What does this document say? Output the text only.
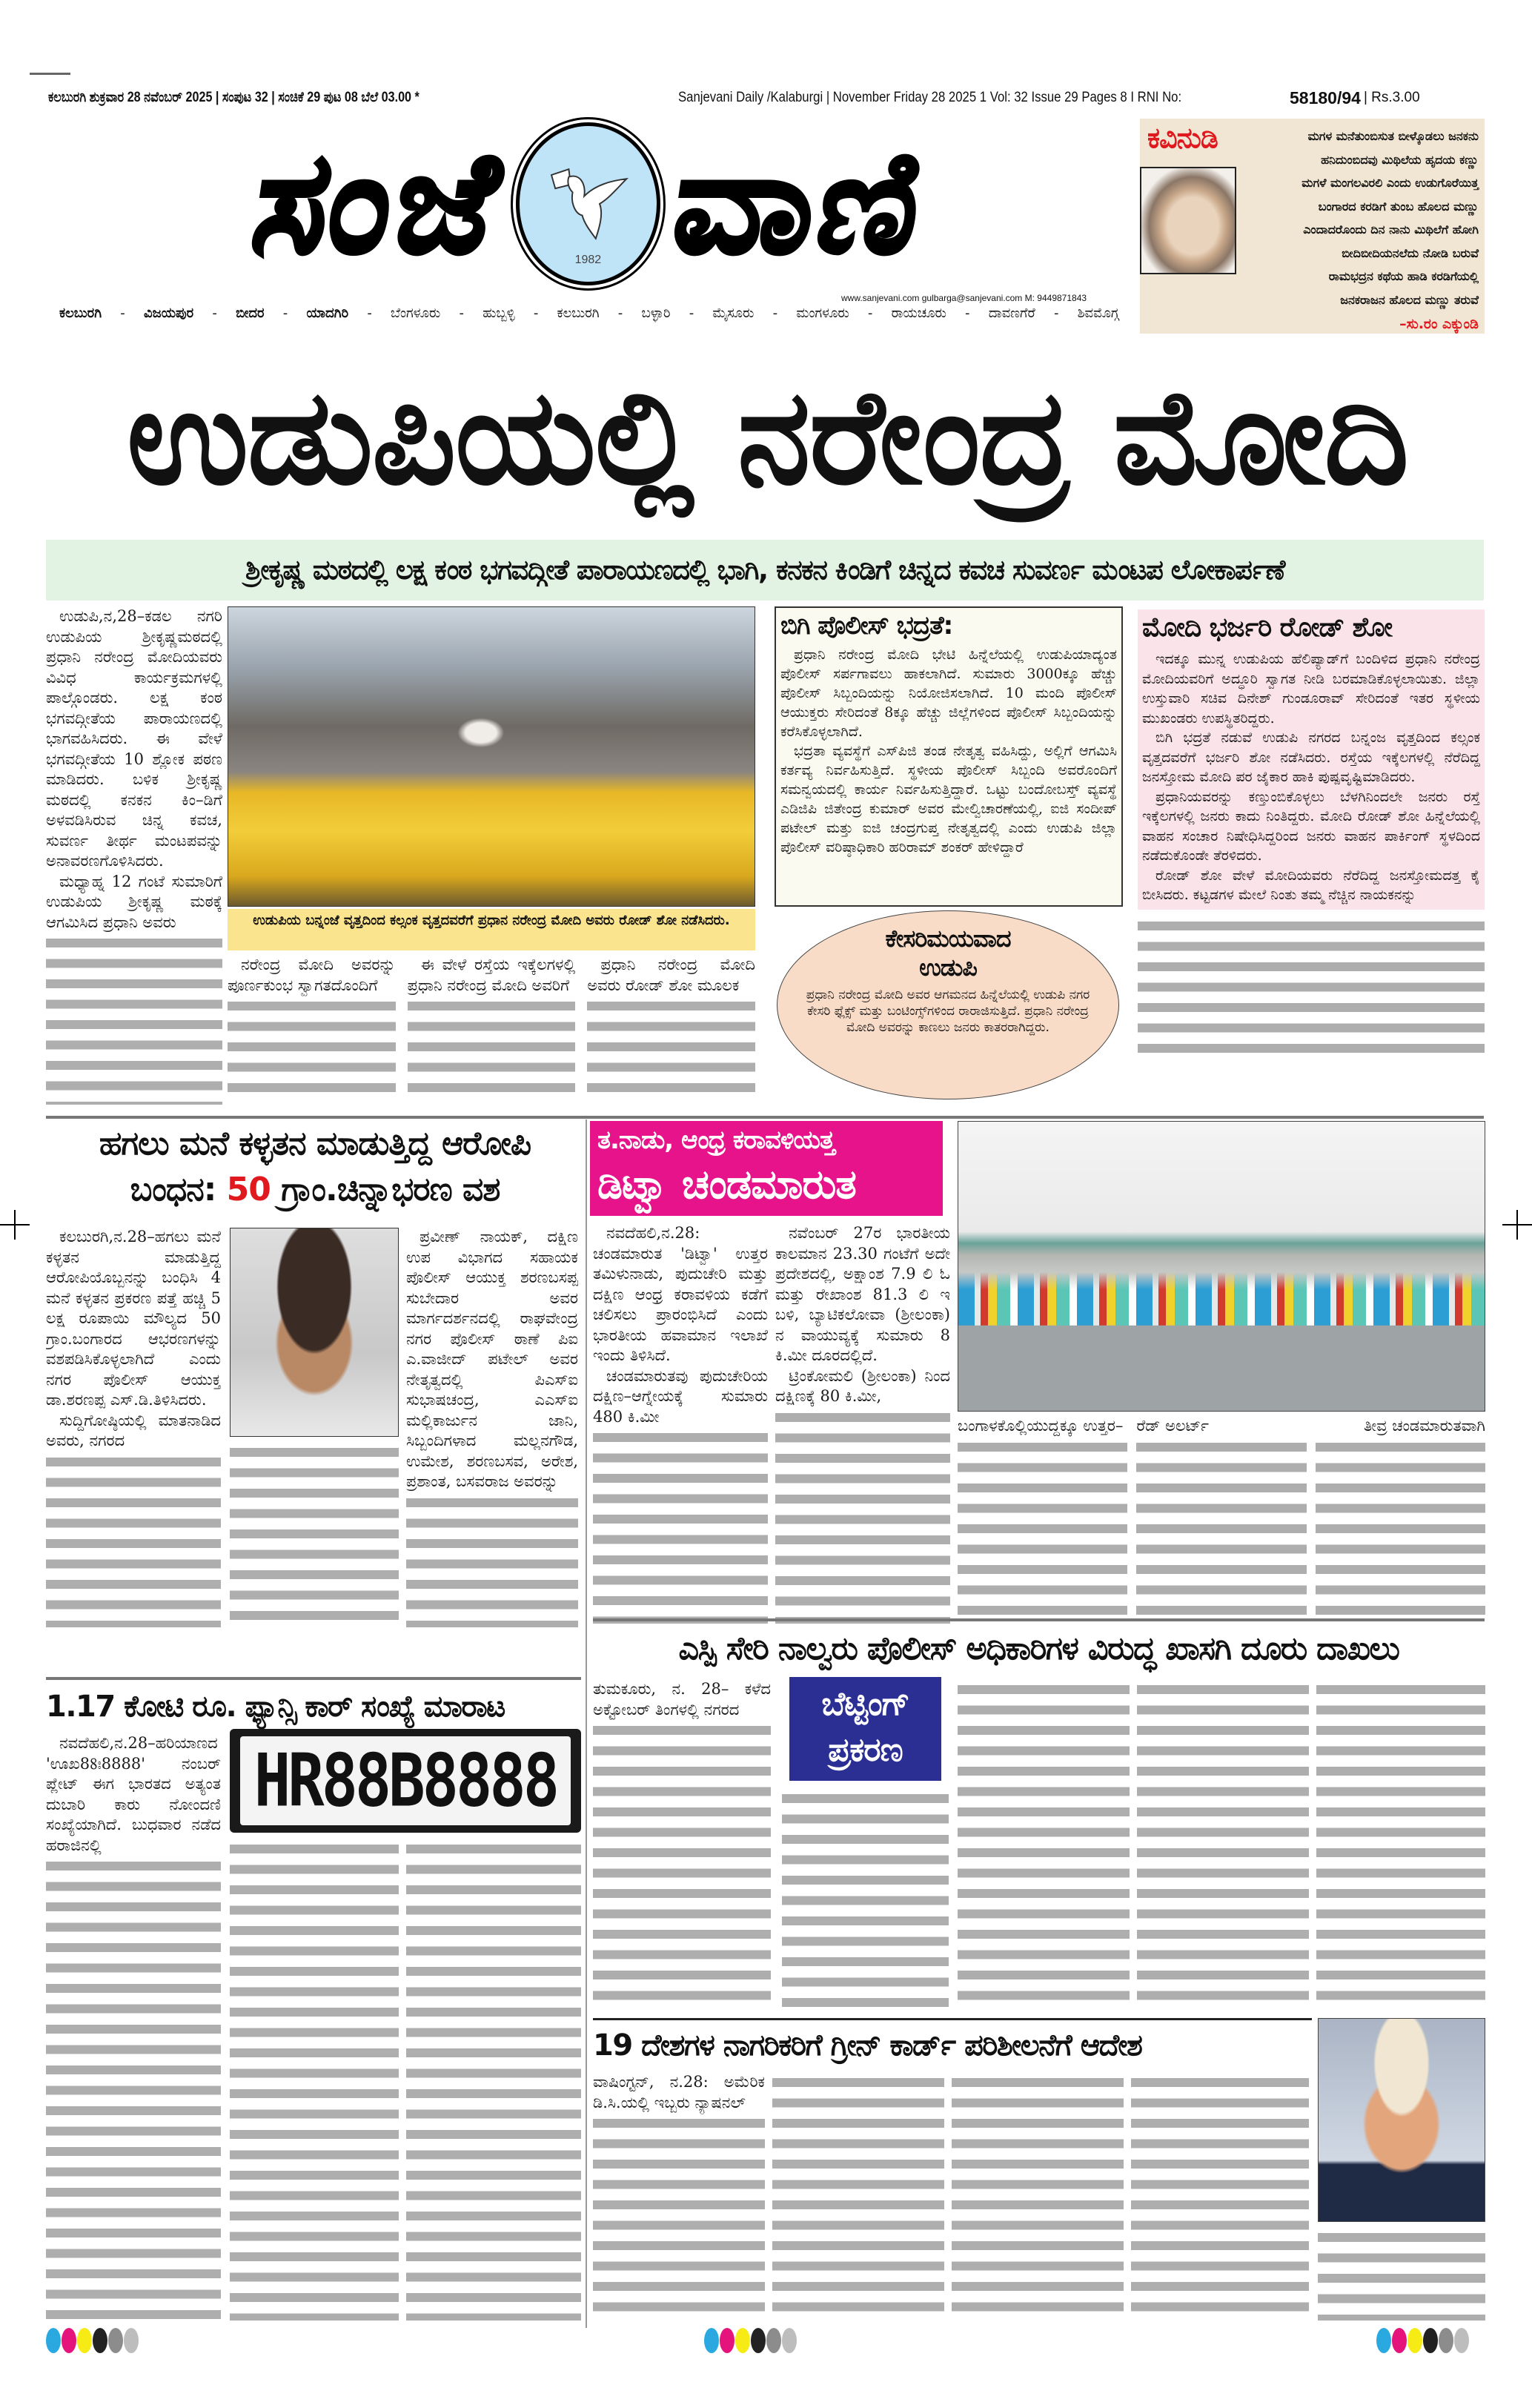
ಕಲಬುರಗಿ ಶುಕ್ರವಾರ 28 ನವೆಂಬರ್ 2025 | ಸಂಪುಟ 32 | ಸಂಚಿಕೆ 29 ಪುಟ 08 ಬೆಲೆ 03.00 *	Sanjevani Daily /Kalaburgi | November Friday 28 2025 1 Vol: 32 Issue 29 Pages 8 I RNI No:	58180/94 | Rs.3.00
ಸಂಜೆ	1982 ವಾಣಿ
www.sanjevani.com gulbarga@sanjevani.com M: 9449871843
ಕಲಬುರಗಿ - ವಿಜಯಪುರ - ಬೀದರ - ಯಾದಗಿರಿ - ಬೆಂಗಳೂರು - ಹುಬ್ಬಳ್ಳಿ - ಕಲಬುರಗಿ - ಬಳ್ಳಾರಿ - ಮೈಸೂರು - ಮಂಗಳೂರು - ರಾಯಚೂರು - ದಾವಣಗೆರೆ - ಶಿವಮೊಗ್ಗ
ಕವಿನುಡಿ	ಮಗಳ ಮನೆತುಂಬಿಸುತ ಬೀಳ್ಕೊಡಲು ಜನಕನು
ಹನಿದುಂಬಿದವು ಮಿಥಿಲೆಯ ಹೃದಯ ಕಣ್ಣು
ಮಗಳೆ ಮಂಗಲವಿರಲಿ ಎಂದು ಉಡುಗೊರೆಯಿತ್ತ
ಬಂಗಾರದ ಕರಡಿಗೆ ತುಂಬ ಹೊಲದ ಮಣ್ಣು
ಎಂದಾದರೊಂದು ದಿನ ನಾನು ಮಿಥಿಲೆಗೆ ಹೋಗಿ
ಬೀದಿಬೀದಿಯನಲೆದು ನೋಡಿ ಬರುವೆ
ರಾಮಭದ್ರನ ಕಥೆಯ ಹಾಡಿ ಕರಡಿಗೆಯಲ್ಲಿ
ಜನಕರಾಜನ ಹೊಲದ ಮಣ್ಣು ತರುವೆ
–ಸು.ರಂ ಎಕ್ಕುಂಡಿ
ಉಡುಪಿಯಲ್ಲಿ ನರೇಂದ್ರ ಮೋದಿ
ಶ್ರೀಕೃಷ್ಣ ಮಠದಲ್ಲಿ ಲಕ್ಷ ಕಂಠ ಭಗವದ್ಗೀತೆ ಪಾರಾಯಣದಲ್ಲಿ ಭಾಗಿ, ಕನಕನ ಕಿಂಡಿಗೆ ಚಿನ್ನದ ಕವಚ ಸುವರ್ಣ ಮಂಟಪ ಲೋಕಾರ್ಪಣೆ

ಉಡುಪಿ,ನ,28–ಕಡಲ ನಗರಿ ಉಡುಪಿಯ ಶ್ರೀಕೃಷ್ಣಮಠದಲ್ಲಿ ಪ್ರಧಾನಿ ನರೇಂದ್ರ ಮೋದಿಯವರು ವಿವಿಧ ಕಾರ್ಯಕ್ರಮಗಳಲ್ಲಿ ಪಾಲ್ಗೊಂಡರು. ಲಕ್ಷ ಕಂಠ ಭಗವದ್ಗೀತೆಯ ಪಾರಾಯಣದಲ್ಲಿ ಭಾಗವಹಿಸಿದರು. ಈ ವೇಳೆ ಭಗವದ್ಗೀತೆಯ 10 ಶ್ಲೋಕ ಪಠಣ ಮಾಡಿದರು. ಬಳಿಕ ಶ್ರೀಕೃಷ್ಣ ಮಠದಲ್ಲಿ ಕನಕನ ಕಿಂ–ಡಿಗೆ ಅಳವಡಿಸಿರುವ ಚಿನ್ನ ಕವಚ, ಸುವರ್ಣ ತೀರ್ಥ ಮಂಟಪವನ್ನು ಅನಾವರಣಗೊಳಿಸಿದರು.

ಮಧ್ಯಾಹ್ನ 12 ಗಂಟೆ ಸುಮಾರಿಗೆ ಉಡುಪಿಯ ಶ್ರೀಕೃಷ್ಣ ಮಠಕ್ಕೆ ಆಗಮಿಸಿದ ಪ್ರಧಾನಿ ಅವರು	ಉಡುಪಿಯ ಬನ್ನಂಜೆ ವೃತ್ತದಿಂದ ಕಲ್ಸಂಕ ವೃತ್ತದವರೆಗೆ ಪ್ರಧಾನ ನರೇಂದ್ರ ಮೋದಿ ಅವರು ರೋಡ್ ಶೋ ನಡೆಸಿದರು.

ನರೇಂದ್ರ ಮೋದಿ ಅವರನ್ನು ಪೂರ್ಣಕುಂಭ ಸ್ವಾಗತದೊಂದಿಗೆ

ಈ ವೇಳೆ ರಸ್ತೆಯ ಇಕ್ಕೆಲಗಳಲ್ಲಿ ಪ್ರಧಾನಿ ನರೇಂದ್ರ ಮೋದಿ ಅವರಿಗೆ

ಪ್ರಧಾನಿ ನರೇಂದ್ರ ಮೋದಿ ಅವರು ರೋಡ್ ಶೋ ಮೂಲಕ

ಬಿಗಿ ಪೊಲೀಸ್ ಭದ್ರತೆ:

ಪ್ರಧಾನಿ ನರೇಂದ್ರ ಮೋದಿ ಭೇಟಿ ಹಿನ್ನೆಲೆಯಲ್ಲಿ ಉಡುಪಿಯಾದ್ಯಂತ ಪೊಲೀಸ್ ಸರ್ಪಗಾವಲು ಹಾಕಲಾಗಿದೆ. ಸುಮಾರು 3000ಕ್ಕೂ ಹೆಚ್ಚು ಪೊಲೀಸ್ ಸಿಬ್ಬಂದಿಯನ್ನು ನಿಯೋಜಿಸಲಾಗಿದೆ. 10 ಮಂದಿ ಪೊಲೀಸ್ ಆಯುಕ್ತರು ಸೇರಿದಂತೆ 8ಕ್ಕೂ ಹೆಚ್ಚು ಜಿಲ್ಲೆಗಳಿಂದ ಪೊಲೀಸ್ ಸಿಬ್ಬಂದಿಯನ್ನು ಕರೆಸಿಕೊಳ್ಳಲಾಗಿದೆ.

ಭದ್ರತಾ ವ್ಯವಸ್ಥೆಗೆ ಎಸ್‌ಪಿಜಿ ತಂಡ ನೇತೃತ್ವ ವಹಿಸಿದ್ದು, ಅಲ್ಲಿಗೆ ಆಗಮಿಸಿ ಕರ್ತವ್ಯ ನಿರ್ವಹಿಸುತ್ತಿದೆ. ಸ್ಥಳೀಯ ಪೊಲೀಸ್ ಸಿಬ್ಬಂದಿ ಅವರೊಂದಿಗೆ ಸಮನ್ವಯದಲ್ಲಿ ಕಾರ್ಯ ನಿರ್ವಹಿಸುತ್ತಿದ್ದಾರೆ. ಒಟ್ಟು ಬಂದೋಬಸ್ತ್ ವ್ಯವಸ್ಥೆ ಎಡಿಜಿಪಿ ಜಿತೇಂದ್ರ ಕುಮಾರ್ ಅವರ ಮೇಲ್ವಿಚಾರಣೆಯಲ್ಲಿ, ಐಜಿ ಸಂದೀಪ್ ಪಟೇಲ್ ಮತ್ತು ಐಜಿ ಚಂದ್ರಗುಪ್ತ ನೇತೃತ್ವದಲ್ಲಿ ಎಂದು ಉಡುಪಿ ಜಿಲ್ಲಾ ಪೊಲೀಸ್ ವರಿಷ್ಠಾಧಿಕಾರಿ ಹರಿರಾಮ್ ಶಂಕರ್ ಹೇಳಿದ್ದಾರೆ

ಕೇಸರಿಮಯವಾದ
ಉಡುಪಿ
ಪ್ರಧಾನಿ ನರೇಂದ್ರ ಮೋದಿ ಅವರ ಆಗಮನದ ಹಿನ್ನೆಲೆಯಲ್ಲಿ ಉಡುಪಿ ನಗರ ಕೇಸರಿ ಫ್ಲೆಕ್ಸ್ ಮತ್ತು ಬಂಟಿಂಗ್ಸ್‌ಗಳಿಂದ ರಾರಾಜಿಸುತ್ತಿದೆ. ಪ್ರಧಾನಿ ನರೇಂದ್ರ ಮೋದಿ ಅವರನ್ನು ಕಾಣಲು ಜನರು ಕಾತರರಾಗಿದ್ದರು.
ಮೋದಿ ಭರ್ಜರಿ ರೋಡ್ ಶೋ

ಇದಕ್ಕೂ ಮುನ್ನ ಉಡುಪಿಯ ಹೆಲಿಪ್ಯಾಡ್‌ಗೆ ಬಂದಿಳಿದ ಪ್ರಧಾನಿ ನರೇಂದ್ರ ಮೋದಿಯವರಿಗೆ ಅದ್ಧೂರಿ ಸ್ವಾಗತ ನೀಡಿ ಬರಮಾಡಿಕೊಳ್ಳಲಾಯಿತು. ಜಿಲ್ಲಾ ಉಸ್ತುವಾರಿ ಸಚಿವ ದಿನೇಶ್ ಗುಂಡೂರಾವ್ ಸೇರಿದಂತೆ ಇತರ ಸ್ಥಳೀಯ ಮುಖಂಡರು ಉಪಸ್ಥಿತರಿದ್ದರು.

ಬಿಗಿ ಭದ್ರತೆ ನಡುವೆ ಉಡುಪಿ ನಗರದ ಬನ್ನಂಜ ವೃತ್ತದಿಂದ ಕಲ್ಸಂಕ ವೃತ್ತದವರೆಗೆ ಭರ್ಜರಿ ಶೋ ನಡೆಸಿದರು. ರಸ್ತೆಯ ಇಕ್ಕೆಲಗಳಲ್ಲಿ ನೆರೆದಿದ್ದ ಜನಸ್ತೋಮ ಮೋದಿ ಪರ ಜೈಕಾರ ಹಾಕಿ ಪುಷ್ಪವೃಷ್ಟಿಮಾಡಿದರು.

ಪ್ರಧಾನಿಯವರನ್ನು ಕಣ್ತುಂಬಿಕೊಳ್ಳಲು ಬೆಳಗಿನಿಂದಲೇ ಜನರು ರಸ್ತೆ ಇಕ್ಕೆಲಗಳಲ್ಲಿ ಜನರು ಕಾದು ನಿಂತಿದ್ದರು. ಮೋದಿ ರೋಡ್ ಶೋ ಹಿನ್ನೆಲೆಯಲ್ಲಿ ವಾಹನ ಸಂಚಾರ ನಿಷೇಧಿಸಿದ್ದರಿಂದ ಜನರು ವಾಹನ ಪಾರ್ಕಿಂಗ್ ಸ್ಥಳದಿಂದ ನಡೆದುಕೊಂಡೇ ತೆರಳಿದರು.

ರೋಡ್ ಶೋ ವೇಳೆ ಮೋದಿಯವರು ನೆರೆದಿದ್ದ ಜನಸ್ತೋಮದತ್ತ ಕೈ ಬೀಸಿದರು. ಕಟ್ಟಡಗಳ ಮೇಲೆ ನಿಂತು ತಮ್ಮ ನೆಚ್ಚಿನ ನಾಯಕನನ್ನು

ಹಗಲು ಮನೆ ಕಳ್ಳತನ ಮಾಡುತ್ತಿದ್ದ ಆರೋಪಿ
ಬಂಧನ: 50 ಗ್ರಾಂ.ಚಿನ್ನಾಭರಣ ವಶ

ಕಲಬುರಗಿ,ನ.28–ಹಗಲು ಮನೆ ಕಳ್ಳತನ ಮಾಡುತ್ತಿದ್ದ ಆರೋಪಿಯೊಬ್ಬನನ್ನು ಬಂಧಿಸಿ 4 ಮನೆ ಕಳ್ಳತನ ಪ್ರಕರಣ ಪತ್ತೆ ಹಚ್ಚಿ 5 ಲಕ್ಷ ರೂಪಾಯಿ ಮೌಲ್ಯದ 50 ಗ್ರಾಂ.ಬಂಗಾರದ ಆಭರಣಗಳನ್ನು ವಶಪಡಿಸಿಕೊಳ್ಳಲಾಗಿದೆ ಎಂದು ನಗರ ಪೊಲೀಸ್ ಆಯುಕ್ತ ಡಾ.ಶರಣಪ್ಪ ಎಸ್.ಡಿ.ತಿಳಿಸಿದರು.

ಸುದ್ದಿಗೋಷ್ಠಿಯಲ್ಲಿ ಮಾತನಾಡಿದ ಅವರು, ನಗರದ

ಪ್ರವೀಣ್ ನಾಯಕ್, ದಕ್ಷಿಣ ಉಪ ವಿಭಾಗದ ಸಹಾಯಕ ಪೊಲೀಸ್ ಆಯುಕ್ತ ಶರಣಬಸಪ್ಪ ಸುಬೇದಾರ ಅವರ ಮಾರ್ಗದರ್ಶನದಲ್ಲಿ ರಾಘವೇಂದ್ರ ನಗರ ಪೊಲೀಸ್ ಠಾಣೆ ಪಿಐ ಎ.ವಾಜೀದ್ ಪಟೇಲ್ ಅವರ ನೇತೃತ್ವದಲ್ಲಿ ಪಿಎಸ್‌ಐ ಸುಭಾಷಚಂದ್ರ, ಎಎಸ್‌ಐ ಮಲ್ಲಿಕಾರ್ಜುನ ಜಾನಿ, ಸಿಬ್ಬಂದಿಗಳಾದ ಮಲ್ಲನಗೌಡ, ಉಮೇಶ, ಶರಣಬಸವ, ಅರೇಶ, ಪ್ರಶಾಂತ, ಬಸವರಾಜ ಅವರನ್ನು

ತ.ನಾಡು, ಆಂಧ್ರ ಕರಾವಳಿಯತ್ತ
ಡಿಟ್ವಾ ಚಂಡಮಾರುತ

ನವದೆಹಲಿ,ನ.28: ಚಂಡಮಾರುತ 'ಡಿಟ್ವಾ' ಉತ್ತರ ತಮಿಳುನಾಡು, ಪುದುಚೇರಿ ಮತ್ತು ದಕ್ಷಿಣ ಆಂಧ್ರ ಕರಾವಳಿಯ ಕಡೆಗೆ ಚಲಿಸಲು ಪ್ರಾರಂಭಿಸಿದೆ ಎಂದು ಭಾರತೀಯ ಹವಾಮಾನ ಇಲಾಖೆ ಇಂದು ತಿಳಿಸಿದೆ.

ಚಂಡಮಾರುತವು ಪುದುಚೇರಿಯ ದಕ್ಷಿಣ–ಆಗ್ನೇಯಕ್ಕೆ ಸುಮಾರು 480 ಕಿ.ಮೀ

ನವೆಂಬರ್ 27ರ ಭಾರತೀಯ ಕಾಲಮಾನ 23.30 ಗಂಟೆಗೆ ಅದೇ ಪ್ರದೇಶದಲ್ಲಿ, ಅಕ್ಷಾಂಶ 7.9 ಲಿ ಓ ಮತ್ತು ರೇಖಾಂಶ 81.3 ಲಿ ಇ ಬಳಿ, ಬ್ಯಾಟಿಕಲೋವಾ (ಶ್ರೀಲಂಕಾ) ನ ವಾಯುವ್ಯಕ್ಕೆ ಸುಮಾರು 8 ಕಿ.ಮೀ ದೂರದಲ್ಲಿದೆ.

ಟ್ರಿಂಕೋಮಲಿ (ಶ್ರೀಲಂಕಾ) ನಿಂದ ದಕ್ಷಿಣಕ್ಕೆ 80 ಕಿ.ಮೀ,

ಬಂಗಾಳಕೊಲ್ಲಿಯುದ್ದಕ್ಕೂ ಉತ್ತರ– ರೆಡ್ ಅಲರ್ಟ್	ತೀವ್ರ ಚಂಡಮಾರುತವಾಗಿ
ಎಸ್ಪಿ ಸೇರಿ ನಾಲ್ವರು ಪೊಲೀಸ್ ಅಧಿಕಾರಿಗಳ ವಿರುದ್ಧ ಖಾಸಗಿ ದೂರು ದಾಖಲು
ತುಮಕೂರು, ನ. 28– ಕಳೆದ ಅಕ್ಟೋಬರ್ ತಿಂಗಳಲ್ಲಿ ನಗರದ	ಬೆಟ್ಟಿಂಗ್
ಪ್ರಕರಣ
1.17 ಕೋಟಿ ರೂ. ಫ್ಯಾನ್ಸಿ ಕಾರ್ ಸಂಖ್ಯೆ ಮಾರಾಟ

ನವದೆಹಲಿ,ನ.28–ಹರಿಯಾಣದ 'ಊಖ88ಃ8888' ನಂಬರ್ ಪ್ಲೇಟ್ ಈಗ ಭಾರತದ ಅತ್ಯಂತ ದುಬಾರಿ ಕಾರು ನೋಂದಣಿ ಸಂಖ್ಯೆಯಾಗಿದೆ. ಬುಧವಾರ ನಡೆದ ಹರಾಜಿನಲ್ಲಿ

HR88B8888
19 ದೇಶಗಳ ನಾಗರಿಕರಿಗೆ ಗ್ರೀನ್ ಕಾರ್ಡ್ ಪರಿಶೀಲನೆಗೆ ಆದೇಶ
ವಾಷಿಂಗ್ಟನ್, ನ.28: ಅಮೆರಿಕ ಡಿ.ಸಿ.ಯಲ್ಲಿ ಇಬ್ಬರು ನ್ಯಾಷನಲ್
